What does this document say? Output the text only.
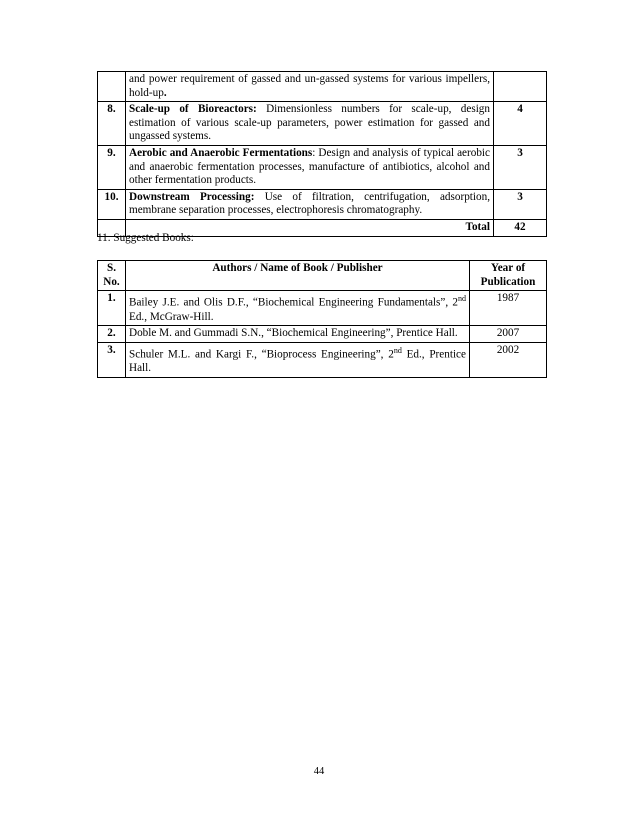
	and power requirement of gassed and un-gassed systems for various impellers, hold-up.	
8.	Scale-up of Bioreactors: Dimensionless numbers for scale-up, design estimation of various scale-up parameters, power estimation for gassed and ungassed systems.	4
9.	Aerobic and Anaerobic Fermentations: Design and analysis of typical aerobic and anaerobic fermentation processes, manufacture of antibiotics, alcohol and other fermentation products.	3
10.	Downstream Processing: Use of filtration, centrifugation, adsorption, membrane separation processes, electrophoresis chromatography.	3
	Total	42
11. Suggested Books:
S. No.	Authors / Name of Book / Publisher	Year of Publication
1.	Bailey J.E. and Olis D.F., “Biochemical Engineering Fundamentals”, 2nd Ed., McGraw-Hill.	1987
2.	Doble M. and Gummadi S.N., “Biochemical Engineering”, Prentice Hall.	2007
3.	Schuler M.L. and Kargi F., “Bioprocess Engineering”, 2nd Ed., Prentice Hall.	2002
44
